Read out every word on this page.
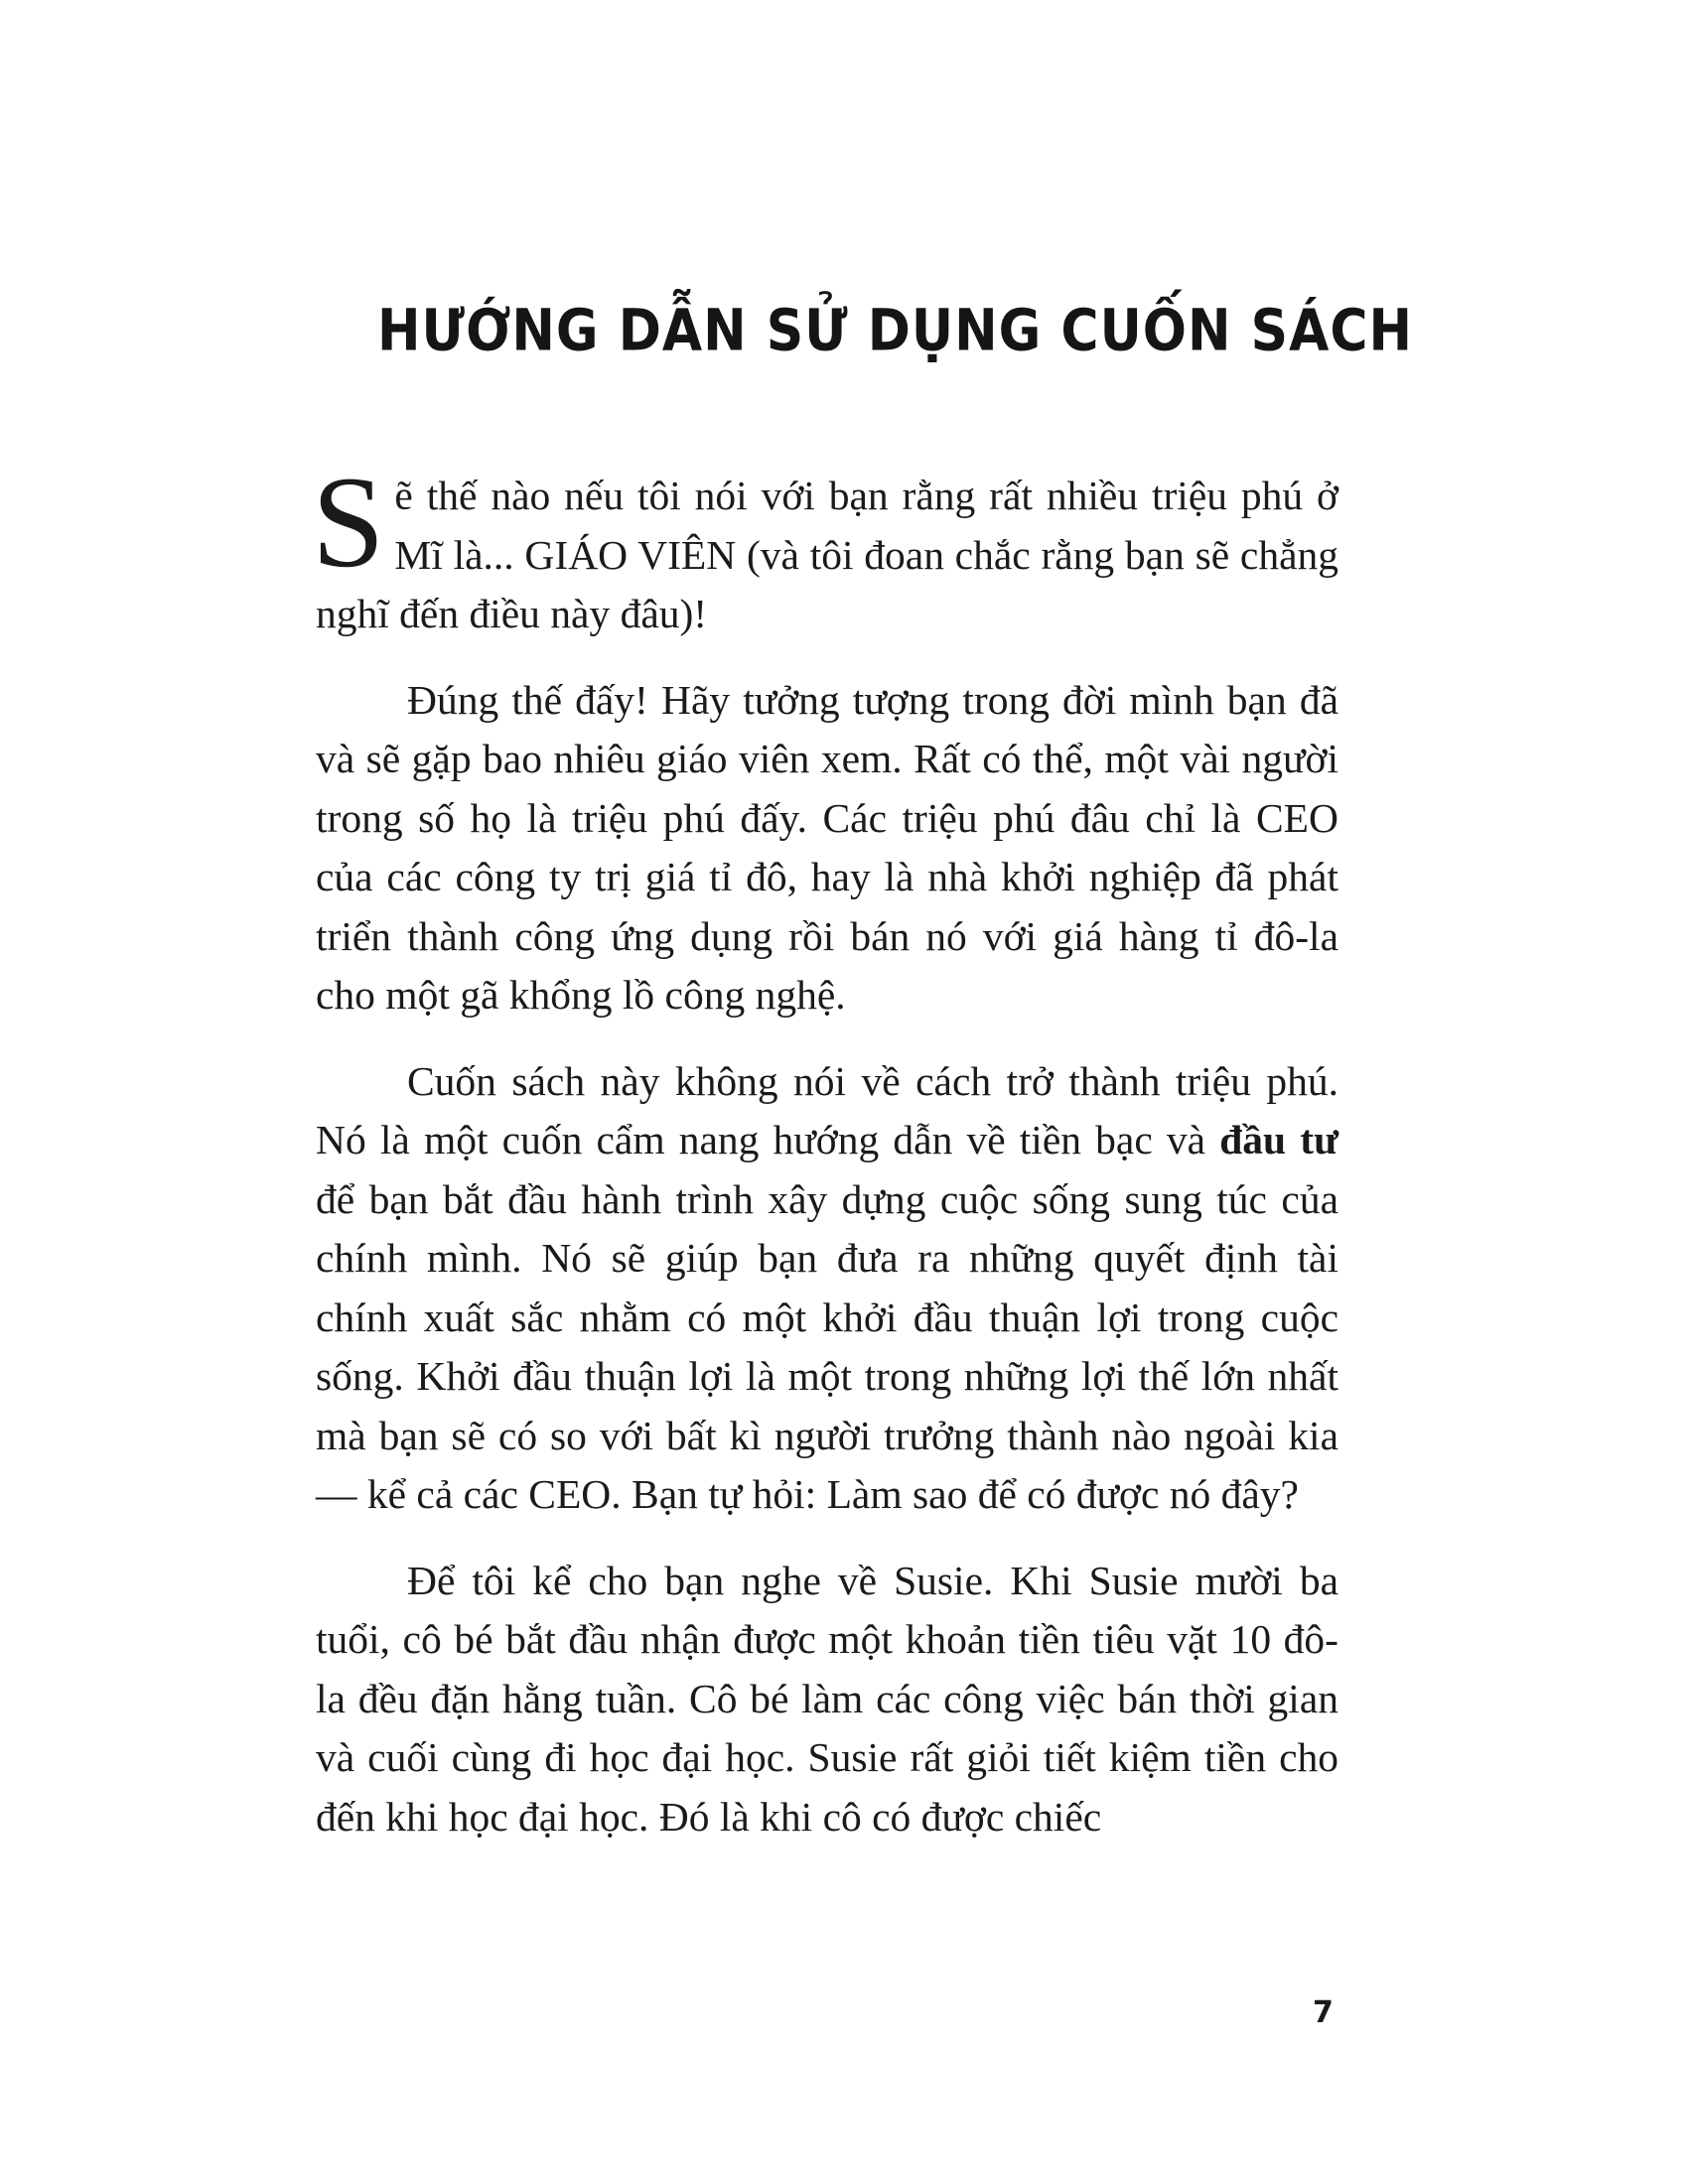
HƯỚNG DẪN SỬ DỤNG CUỐN SÁCH

Sẽ thế nào nếu tôi nói với bạn rằng rất nhiều triệu phú ở Mĩ là... GIÁO VIÊN (và tôi đoan chắc rằng bạn sẽ chẳng nghĩ đến điều này đâu)!

Đúng thế đấy! Hãy tưởng tượng trong đời mình bạn đã và sẽ gặp bao nhiêu giáo viên xem. Rất có thể, một vài người trong số họ là triệu phú đấy. Các triệu phú đâu chỉ là CEO của các công ty trị giá tỉ đô, hay là nhà khởi nghiệp đã phát triển thành công ứng dụng rồi bán nó với giá hàng tỉ đô-la cho một gã khổng lồ công nghệ.

Cuốn sách này không nói về cách trở thành triệu phú. Nó là một cuốn cẩm nang hướng dẫn về tiền bạc và đầu tư để bạn bắt đầu hành trình xây dựng cuộc sống sung túc của chính mình. Nó sẽ giúp bạn đưa ra những quyết định tài chính xuất sắc nhằm có một khởi đầu thuận lợi trong cuộc sống. Khởi đầu thuận lợi là một trong những lợi thế lớn nhất mà bạn sẽ có so với bất kì người trưởng thành nào ngoài kia — kể cả các CEO. Bạn tự hỏi: Làm sao để có được nó đây?

Để tôi kể cho bạn nghe về Susie. Khi Susie mười ba tuổi, cô bé bắt đầu nhận được một khoản tiền tiêu vặt 10 đô-la đều đặn hằng tuần. Cô bé làm các công việc bán thời gian và cuối cùng đi học đại học. Susie rất giỏi tiết kiệm tiền cho đến khi học đại học. Đó là khi cô có được chiếc

7
